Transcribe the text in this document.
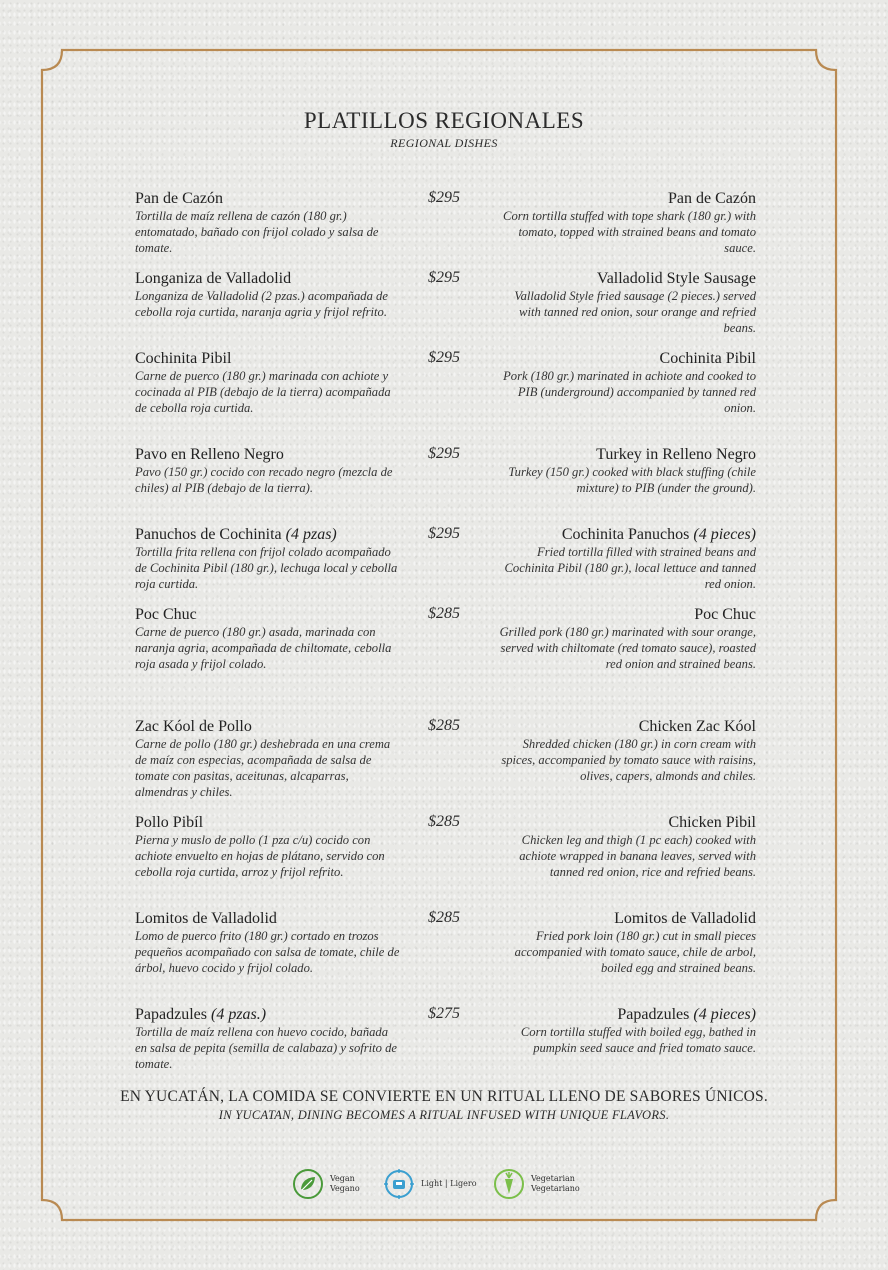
PLATILLOS REGIONALES
REGIONAL DISHES
Pan de Cazón
Tortilla de maíz rellena de cazón (180 gr.) entomatado, bañado con frijol colado y salsa de tomate.
$295	Pan de Cazón
Corn tortilla stuffed with tope shark (180 gr.) with tomato, topped with strained beans and tomato sauce.
Longaniza de Valladolid
Longaniza de Valladolid (2 pzas.) acompañada de cebolla roja curtida, naranja agria y frijol refrito.
$295	Valladolid Style Sausage
Valladolid Style fried sausage (2 pieces.) served with tanned red onion, sour orange and refried beans.
Cochinita Pibil
Carne de puerco (180 gr.) marinada con achiote y cocinada al PIB (debajo de la tierra) acompañada de cebolla roja curtida.
$295	Cochinita Pibil
Pork (180 gr.) marinated in achiote and cooked to PIB (underground) accompanied by tanned red onion.
Pavo en Relleno Negro
Pavo (150 gr.) cocido con recado negro (mezcla de chiles) al PIB (debajo de la tierra).
$295	Turkey in Relleno Negro
Turkey (150 gr.) cooked with black stuffing (chile mixture) to PIB (under the ground).
Panuchos de Cochinita (4 pzas)
Tortilla frita rellena con frijol colado acompañado de Cochinita Pibil (180 gr.), lechuga local y cebolla roja curtida.
$295	Cochinita Panuchos (4 pieces)
Fried tortilla filled with strained beans and Cochinita Pibil (180 gr.), local lettuce and tanned red onion.
Poc Chuc
Carne de puerco (180 gr.) asada, marinada con naranja agria, acompañada de chiltomate, cebolla roja asada y frijol colado.
$285	Poc Chuc
Grilled pork (180 gr.) marinated with sour orange, served with chiltomate (red tomato sauce), roasted red onion and strained beans.
Zac Kóol de Pollo
Carne de pollo (180 gr.) deshebrada en una crema de maíz con especias, acompañada de salsa de tomate con pasitas, aceitunas, alcaparras, almendras y chiles.
$285	Chicken Zac Kóol
Shredded chicken (180 gr.) in corn cream with spices, accompanied by tomato sauce with raisins, olives, capers, almonds and chiles.
Pollo Pibíl
Pierna y muslo de pollo (1 pza c/u) cocido con achiote envuelto en hojas de plátano, servido con cebolla roja curtida, arroz y frijol refrito.
$285	Chicken Pibil
Chicken leg and thigh (1 pc each) cooked with achiote wrapped in banana leaves, served with tanned red onion, rice and refried beans.
Lomitos de Valladolid
Lomo de puerco frito (180 gr.) cortado en trozos pequeños acompañado con salsa de tomate, chile de árbol, huevo cocido y frijol colado.
$285	Lomitos de Valladolid
Fried pork loin (180 gr.) cut in small pieces accompanied with tomato sauce, chile de arbol, boiled egg and strained beans.
Papadzules (4 pzas.)
Tortilla de maíz rellena con huevo cocido, bañada en salsa de pepita (semilla de calabaza) y sofrito de tomate.
$275	Papadzules (4 pieces)
Corn tortilla stuffed with boiled egg, bathed in pumpkin seed sauce and fried tomato sauce.
EN YUCATÁN, LA COMIDA SE CONVIERTE EN UN RITUAL LLENO DE SABORES ÚNICOS.
IN YUCATAN, DINING BECOMES A RITUAL INFUSED WITH UNIQUE FLAVORS.
Vegan
Vegano
Light | Ligero
Vegetarian
Vegetariano
